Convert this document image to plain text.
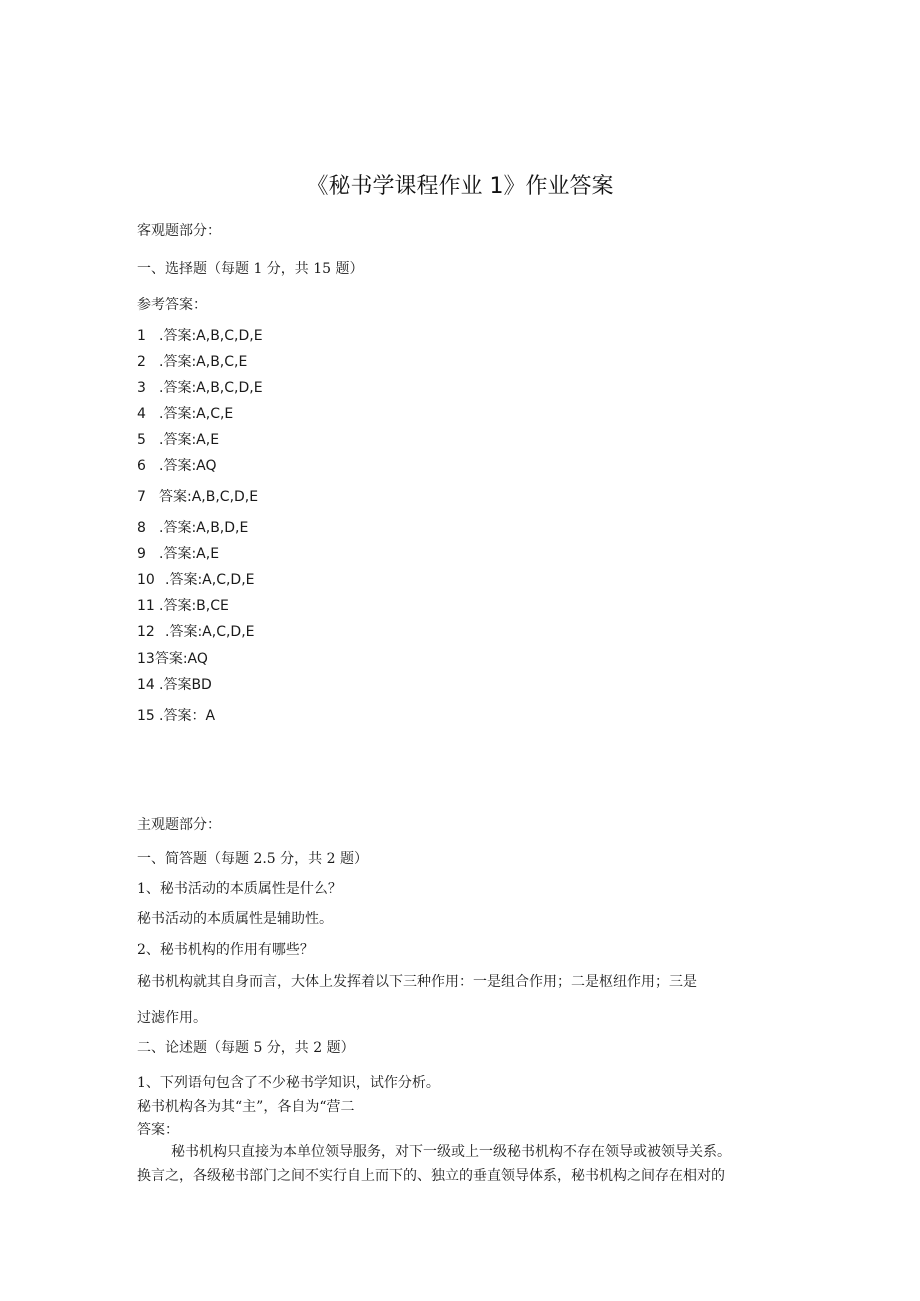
《秘书学课程作业 1》作业答案
客观题部分：
一、选择题（每题 1 分，共 15 题）
参考答案：
1 .答案:A,B,C,D,E
2 .答案:A,B,C,E
3 .答案:A,B,C,D,E
4 .答案:A,C,E
5 .答案:A,E
6 .答案:AQ
7 答案:A,B,C,D,E
8 .答案:A,B,D,E
9 .答案:A,E
10 .答案:A,C,D,E
11 .答案:B,CE
12 .答案:A,C,D,E
13答案:AQ
14 .答案BD
15 .答案：A
主观题部分：
一、简答题（每题 2.5 分，共 2 题）
1、秘书活动的本质属性是什么？
秘书活动的本质属性是辅助性。
2、秘书机构的作用有哪些？
秘书机构就其自身而言，大体上发挥着以下三种作用：一是组合作用；二是枢纽作用；三是
过滤作用。
二、论述题（每题 5 分，共 2 题）
1、下列语句包含了不少秘书学知识，试作分析。
秘书机构各为其“主”，各自为“营二
答案：
秘书机构只直接为本单位领导服务，对下一级或上一级秘书机构不存在领导或被领导关系。
换言之，各级秘书部门之间不实行自上而下的、独立的垂直领导体系，秘书机构之间存在相对的
